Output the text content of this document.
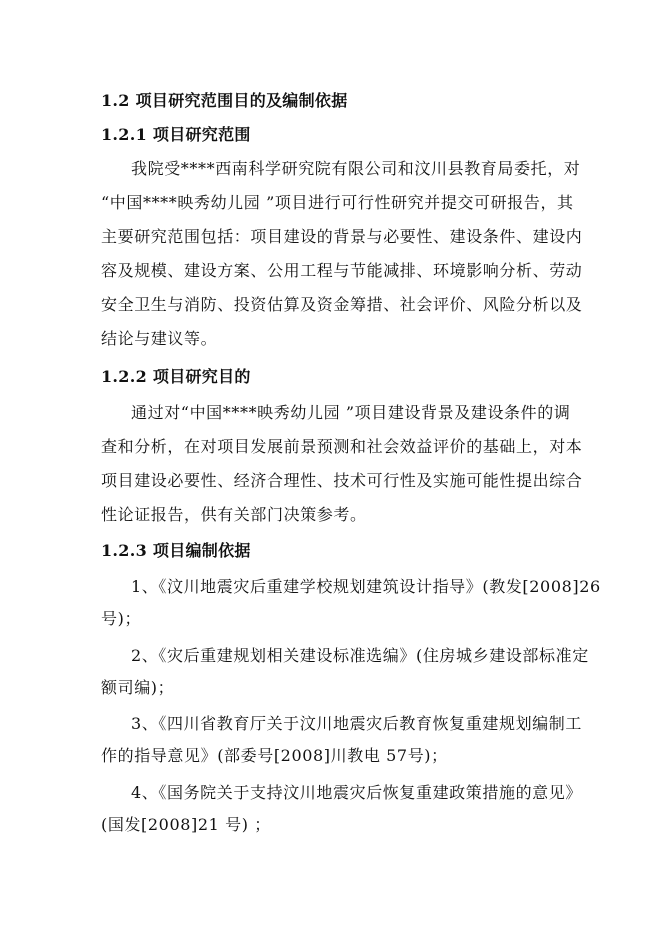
1.2 项目研究范围目的及编制依据
1.2.1 项目研究范围
我院受****西南科学研究院有限公司和汶川县教育局委托，对
“中国****映秀幼儿园 ”项目进行可行性研究并提交可研报告，其
主要研究范围包括：项目建设的背景与必要性、建设条件、建设内
容及规模、建设方案、公用工程与节能减排、环境影响分析、劳动
安全卫生与消防、投资估算及资金筹措、社会评价、风险分析以及
结论与建议等。
1.2.2 项目研究目的
通过对“中国****映秀幼儿园 ”项目建设背景及建设条件的调
查和分析，在对项目发展前景预测和社会效益评价的基础上，对本
项目建设必要性、经济合理性、技术可行性及实施可能性提出综合
性论证报告，供有关部门决策参考。
1.2.3 项目编制依据
1、《汶川地震灾后重建学校规划建筑设计指导》(教发[2008]26
号)；
2、《灾后重建规划相关建设标准选编》(住房城乡建设部标准定
额司编)；
3、《四川省教育厅关于汶川地震灾后教育恢复重建规划编制工
作的指导意见》(部委号[2008]川教电 57号)；
4、《国务院关于支持汶川地震灾后恢复重建政策措施的意见》
(国发[2008]21 号) ；
